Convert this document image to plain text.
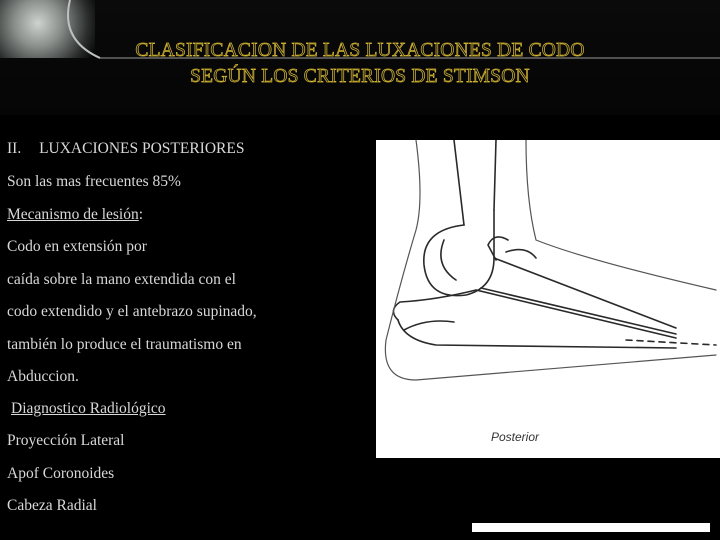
CLASIFICACION DE LAS LUXACIONES DE CODO
SEGÚN LOS CRITERIOS DE STIMSON
II. LUXACIONES POSTERIORES
Son las mas frecuentes 85%
Mecanismo de lesión:
Codo en extensión por
caída sobre la mano extendida con el
codo extendido y el antebrazo supinado,
también lo produce el traumatismo en
Abduccion.
Diagnostico Radiológico
Proyección Lateral
Apof Coronoides
Cabeza Radial
Posterior
